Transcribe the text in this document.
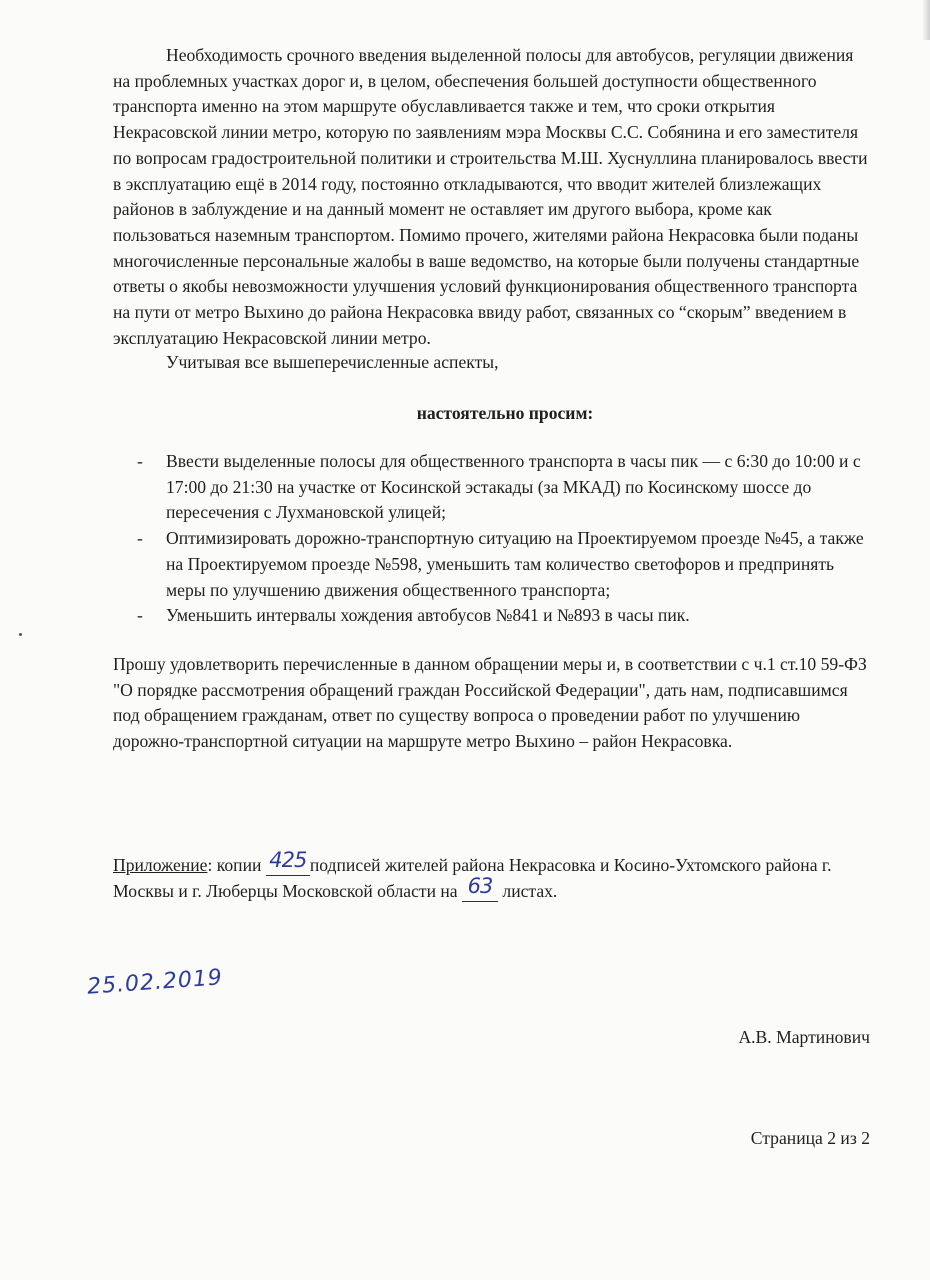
Необходимость срочного введения выделенной полосы для автобусов, регуляции движения на проблемных участках дорог и, в целом, обеспечения большей доступности общественного транспорта именно на этом маршруте обуславливается также и тем, что сроки открытия Некрасовской линии метро, которую по заявлениям мэра Москвы С.С. Собянина и его заместителя по вопросам градостроительной политики и строительства М.Ш. Хуснуллина планировалось ввести в эксплуатацию ещё в 2014 году, постоянно откладываются, что вводит жителей близлежащих районов в заблуждение и на данный момент не оставляет им другого выбора, кроме как пользоваться наземным транспортом. Помимо прочего, жителями района Некрасовка были поданы многочисленные персональные жалобы в ваше ведомство, на которые были получены стандартные ответы о якобы невозможности улучшения условий функционирования общественного транспорта на пути от метро Выхино до района Некрасовка ввиду работ, связанных со “скорым” введением в эксплуатацию Некрасовской линии метро.

Учитывая все вышеперечисленные аспекты,

настоятельно просим:
- Ввести выделенные полосы для общественного транспорта в часы пик — с 6:30 до 10:00 и с 17:00 до 21:30 на участке от Косинской эстакады (за МКАД) по Косинскому шоссе до пересечения с Лухмановской улицей;
- Оптимизировать дорожно-транспортную ситуацию на Проектируемом проезде №45, а также на Проектируемом проезде №598, уменьшить там количество светофоров и предпринять меры по улучшению движения общественного транспорта;
- Уменьшить интервалы хождения автобусов №841 и №893 в часы пик.

Прошу удовлетворить перечисленные в данном обращении меры и, в соответствии с ч.1 ст.10 59-ФЗ "О порядке рассмотрения обращений граждан Российской Федерации", дать нам, подписавшимся под обращением гражданам, ответ по существу вопроса о проведении работ по улучшению дорожно-транспортной ситуации на маршруте метро Выхино – район Некрасовка.

Приложение: копии 425 подписей жителей района Некрасовка и Косино-Ухтомского района г. Москвы и г. Люберцы Московской области на 63 листах.
25.02.2019
А.В. Мартинович
Страница 2 из 2
